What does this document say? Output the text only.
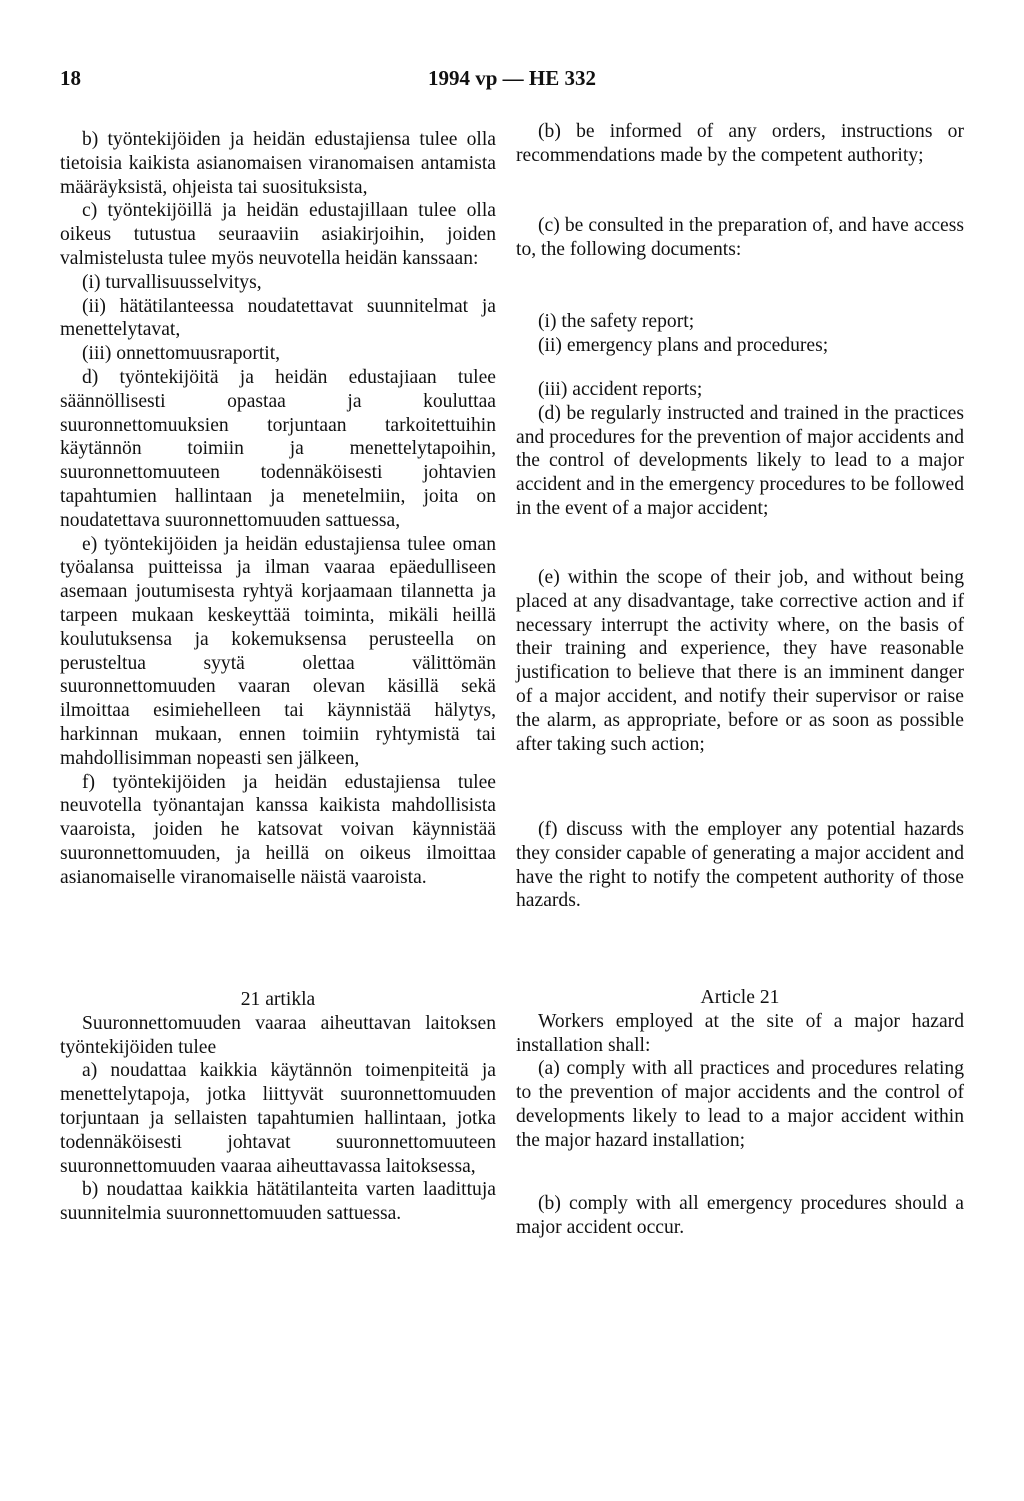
18	1994 vp — HE 332

b) työntekijöiden ja heidän edustajiensa tulee olla tietoisia kaikista asianomaisen viranomaisen antamista määräyksistä, ohjeista tai suosituksista,

c) työntekijöillä ja heidän edustajillaan tulee olla oikeus tutustua seuraaviin asiakirjoihin, joiden valmistelusta tulee myös neuvotella heidän kanssaan:

(i) turvallisuusselvitys,

(ii) hätätilanteessa noudatettavat suunnitelmat ja menettelytavat,

(iii) onnettomuusraportit,

d) työntekijöitä ja heidän edustajiaan tulee säännöllisesti opastaa ja kouluttaa suuronnettomuuksien torjuntaan tarkoitettuihin käytännön toimiin ja menettelytapoihin, suuronnettomuuteen todennäköisesti johtavien tapahtumien hallintaan ja menetelmiin, joita on noudatettava suuronnettomuuden sattuessa,

e) työntekijöiden ja heidän edustajiensa tulee oman työalansa puitteissa ja ilman vaaraa epäedulliseen asemaan joutumisesta ryhtyä korjaamaan tilannetta ja tarpeen mukaan keskeyttää toiminta, mikäli heillä koulutuksensa ja kokemuksensa perusteella on perusteltua syytä olettaa välittömän suuronnettomuuden vaaran olevan käsillä sekä ilmoittaa esimiehelleen tai käynnistää hälytys, harkinnan mukaan, ennen toimiin ryhtymistä tai mahdollisimman nopeasti sen jälkeen,

f) työntekijöiden ja heidän edustajiensa tulee neuvotella työnantajan kanssa kaikista mahdollisista vaaroista, joiden he katsovat voivan käynnistää suuronnettomuuden, ja heillä on oikeus ilmoittaa asianomaiselle viranomaiselle näistä vaaroista.

21 artikla

Suuronnettomuuden vaaraa aiheuttavan laitoksen työntekijöiden tulee

a) noudattaa kaikkia käytännön toimenpiteitä ja menettelytapoja, jotka liittyvät suuronnettomuuden torjuntaan ja sellaisten tapahtumien hallintaan, jotka todennäköisesti johtavat suuronnettomuuteen suuronnettomuuden vaaraa aiheuttavassa laitoksessa,

b) noudattaa kaikkia hätätilanteita varten laadittuja suunnitelmia suuronnettomuuden sattuessa.

(b) be informed of any orders, instructions or recommendations made by the competent authority;

(c) be consulted in the preparation of, and have access to, the following documents:

(i) the safety report;

(ii) emergency plans and procedures;

(iii) accident reports;

(d) be regularly instructed and trained in the practices and procedures for the prevention of major accidents and the control of developments likely to lead to a major accident and in the emergency procedures to be followed in the event of a major accident;

(e) within the scope of their job, and without being placed at any disadvantage, take corrective action and if necessary interrupt the activity where, on the basis of their training and experience, they have reasonable justification to believe that there is an imminent danger of a major accident, and notify their supervisor or raise the alarm, as appropriate, before or as soon as possible after taking such action;

(f) discuss with the employer any potential hazards they consider capable of generating a major accident and have the right to notify the competent authority of those hazards.

Article 21

Workers employed at the site of a major hazard installation shall:

(a) comply with all practices and procedures relating to the prevention of major accidents and the control of developments likely to lead to a major accident within the major hazard installation;

(b) comply with all emergency procedures should a major accident occur.
